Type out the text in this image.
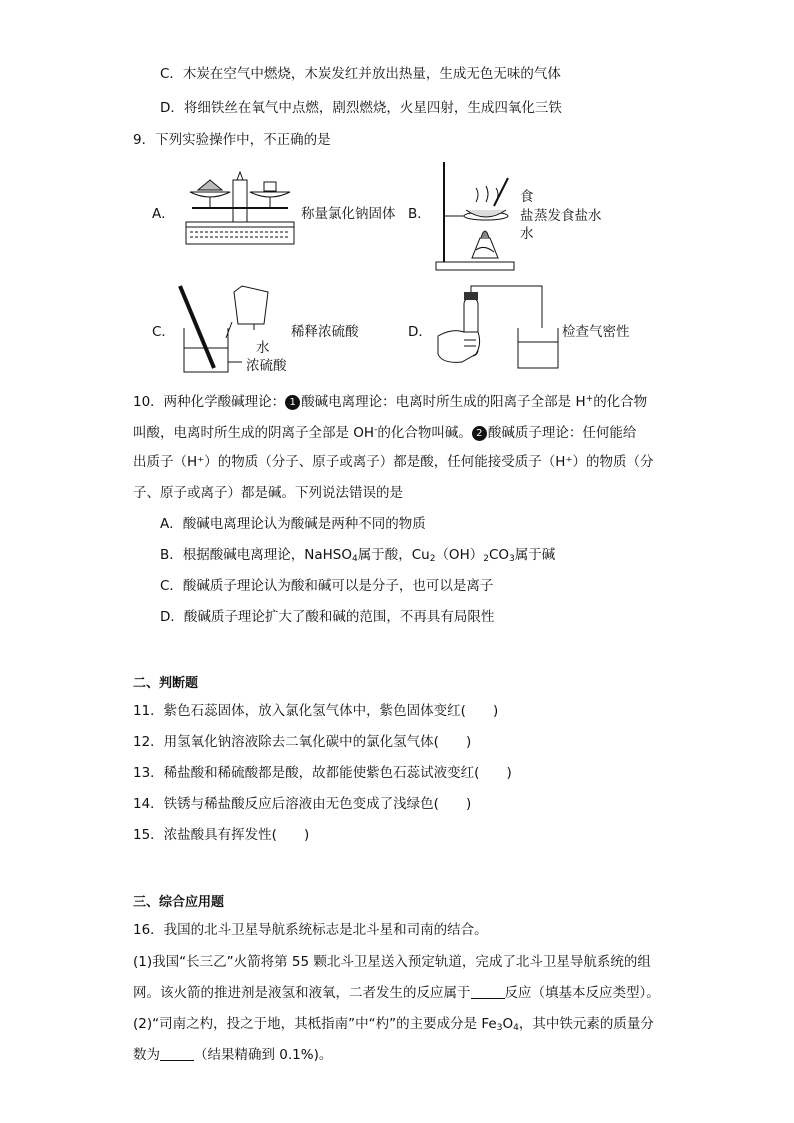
C．木炭在空气中燃烧，木炭发红并放出热量，生成无色无味的气体
D．将细铁丝在氧气中点燃，剧烈燃烧，火星四射，生成四氧化三铁
9．下列实验操作中，不正确的是
A．	称量氯化钠固体 B．
食
盐 蒸发食盐水
水
C．
水
浓硫酸
稀释浓硫酸	D．	检查气密性
10．两种化学酸碱理论： 1 酸碱电离理论：电离时所生成的阳离子全部是 H+的化合物
叫酸，电离时所生成的阴离子全部是 OH-的化合物叫碱。 2 酸碱质子理论：任何能给
出质子（H⁺）的物质（分子、原子或离子）都是酸，任何能接受质子（H⁺）的物质（分
子、原子或离子）都是碱。下列说法错误的是
A．酸碱电离理论认为酸碱是两种不同的物质
B．根据酸碱电离理论，NaHSO$_4$属于酸，$Cu_2(OH)_2CO_3$属于碱
C．酸碱质子理论认为酸和碱可以是分子，也可以是离子
D．酸碱质子理论扩大了酸和碱的范围，不再具有局限性
二、判断题
11．紫色石蕊固体，放入氯化氢气体中，紫色固体变红(　　)
12．用氢氧化钠溶液除去二氧化碳中的氯化氢气体(　　)
13．稀盐酸和稀硫酸都是酸，故都能使紫色石蕊试液变红(　　)
14．铁锈与稀盐酸反应后溶液由无色变成了浅绿色(　　)
15．浓盐酸具有挥发性(　　)
三、综合应用题
16．我国的北斗卫星导航系统标志是北斗星和司南的结合。
(1)我国“长三乙”火箭将第 55 颗北斗卫星送入预定轨道，完成了北斗卫星导航系统的组
网。该火箭的推进剂是液氢和液氧，二者发生的反应属于	反应（填基本反应类型）。
(2)“司南之杓，投之于地，其柢指南”中“杓”的主要成分是 $Fe_3O_4$，其中铁元素的质量分
数为	（结果精确到 0.1%)。
